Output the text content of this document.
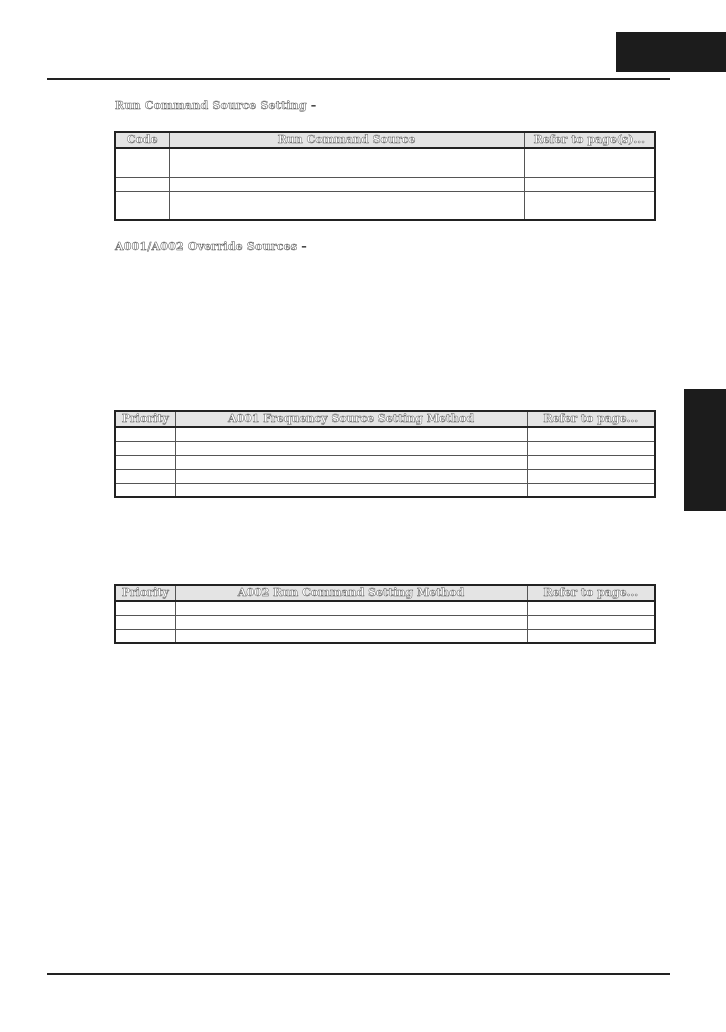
Run Command Source Setting –
Code	Run Command Source	Refer to page(s)...

A001/A002 Override Sources –
Priority	A001 Frequency Source Setting Method	Refer to page...

Priority	A002 Run Command Setting Method	Refer to page...
